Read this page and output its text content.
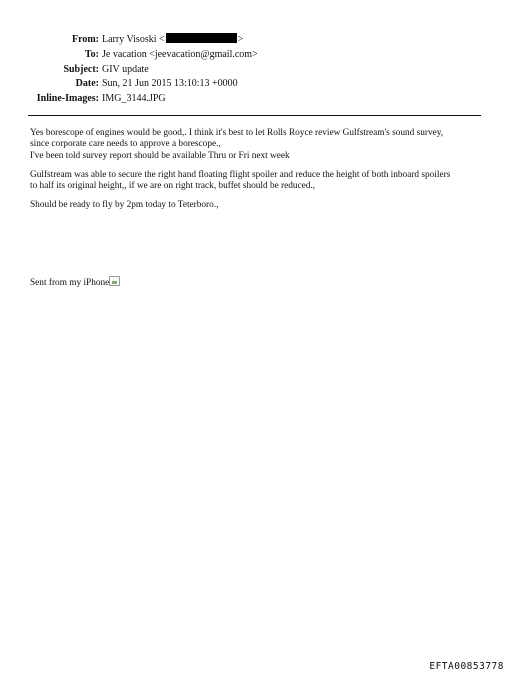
From: Larry Visoski <	>
To: Je vacation <jeevacation@gmail.com>
Subject: GIV update
Date: Sun, 21 Jun 2015 13:10:13 +0000
Inline-Images: IMG_3144.JPG
Yes borescope of engines would be good,. I think it's best to let Rolls Royce review Gulfstream's sound survey,
since corporate care needs to approve a borescope.,
I've been told survey report should be available Thru or Fri next week
Gulfstream was able to secure the right hand floating flight spoiler and reduce the height of both inboard spoilers
to half its original height,, if we are on right track, buffet should be reduced.,
Should be ready to fly by 2pm today to Teterboro.,
Sent from my iPhone
EFTA00853778
